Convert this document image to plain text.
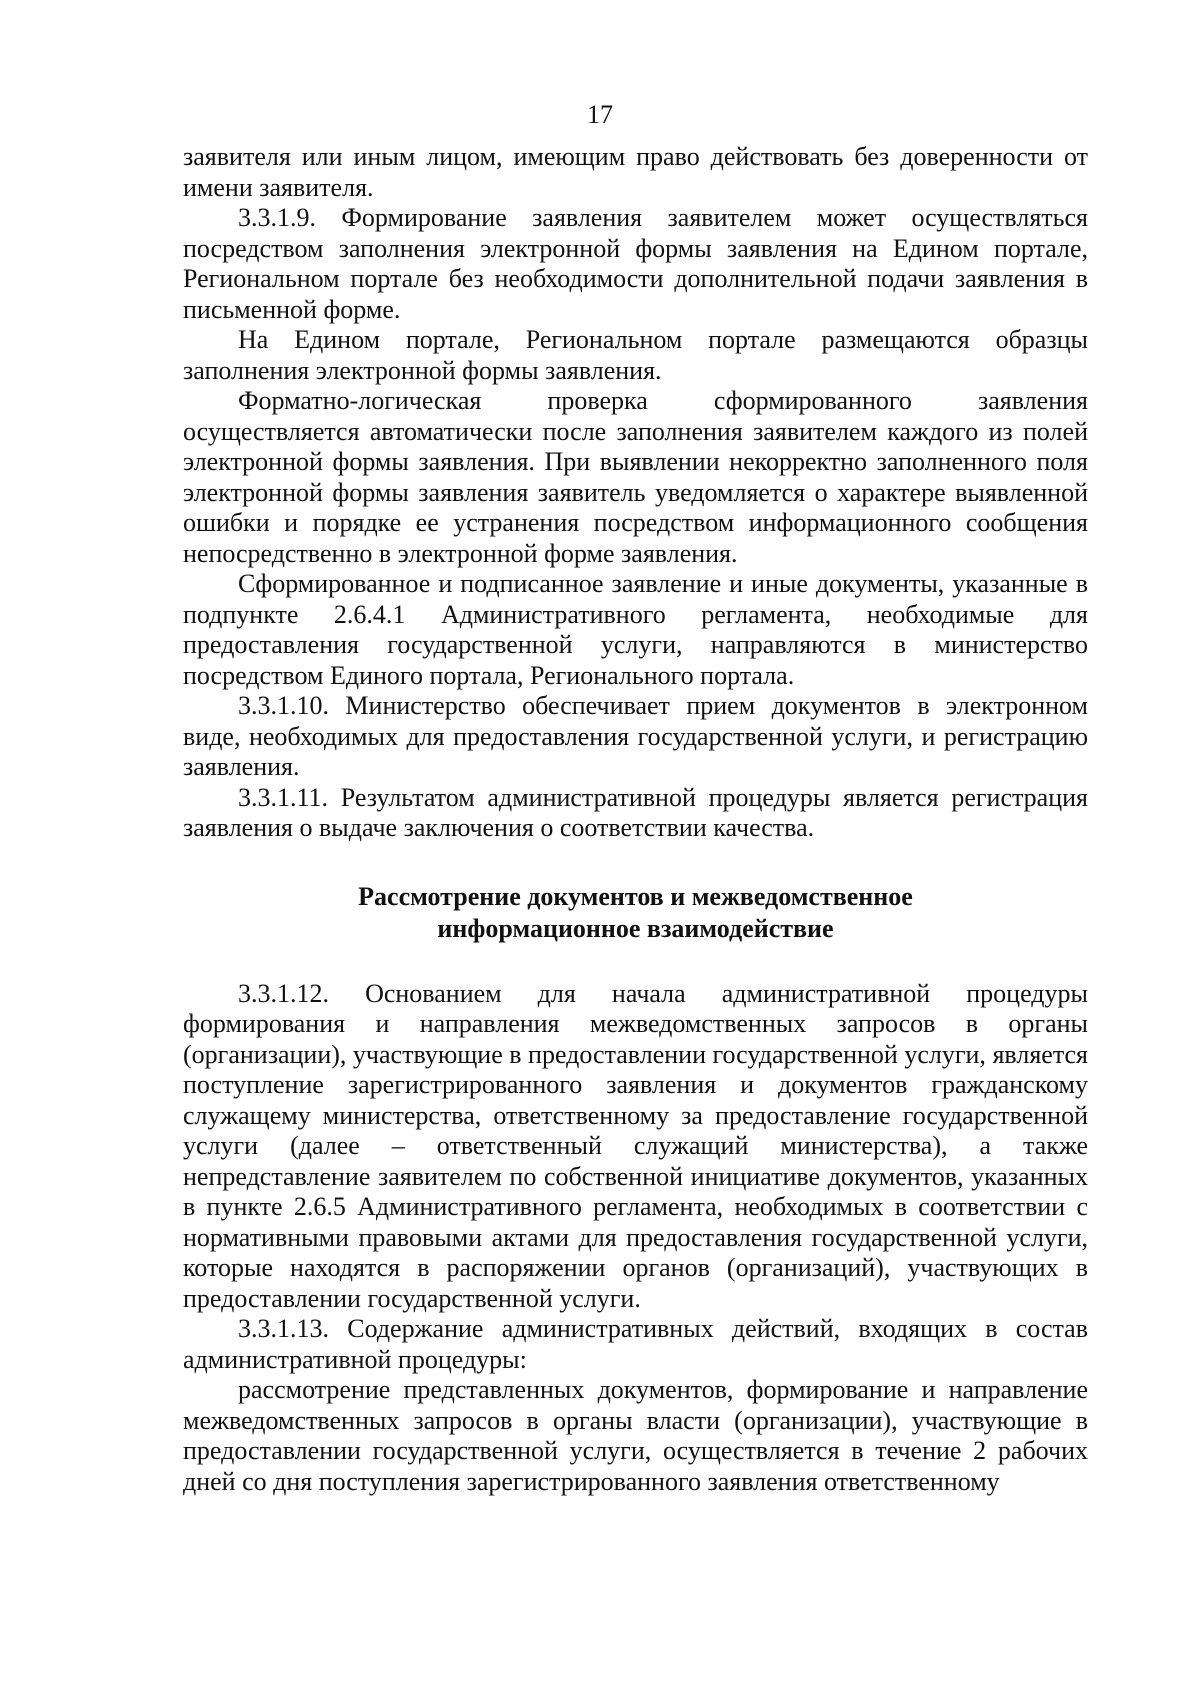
17

заявителя или иным лицом, имеющим право действовать без доверенности от имени заявителя.

3.3.1.9. Формирование заявления заявителем может осуществляться посредством заполнения электронной формы заявления на Едином портале, Региональном портале без необходимости дополнительной подачи заявления в письменной форме.

На Едином портале, Региональном портале размещаются образцы заполнения электронной формы заявления.

Форматно-логическая проверка сформированного заявления осуществляется автоматически после заполнения заявителем каждого из полей электронной формы заявления. При выявлении некорректно заполненного поля электронной формы заявления заявитель уведомляется о характере выявленной ошибки и порядке ее устранения посредством информационного сообщения непосредственно в электронной форме заявления.

Сформированное и подписанное заявление и иные документы, указанные в подпункте 2.6.4.1 Административного регламента, необходимые для предоставления государственной услуги, направляются в министерство посредством Единого портала, Регионального портала.

3.3.1.10. Министерство обеспечивает прием документов в электронном виде, необходимых для предоставления государственной услуги, и регистрацию заявления.

3.3.1.11. Результатом административной процедуры является регистрация заявления о выдаче заключения о соответствии качества.

Рассмотрение документов и межведомственное
информационное взаимодействие

3.3.1.12. Основанием для начала административной процедуры формирования и направления межведомственных запросов в органы (организации), участвующие в предоставлении государственной услуги, является поступление зарегистрированного заявления и документов гражданскому служащему министерства, ответственному за предоставление государственной услуги (далее – ответственный служащий министерства), а также непредставление заявителем по собственной инициативе документов, указанных в пункте 2.6.5 Административного регламента, необходимых в соответствии с нормативными правовыми актами для предоставления государственной услуги, которые находятся в распоряжении органов (организаций), участвующих в предоставлении государственной услуги.

3.3.1.13. Содержание административных действий, входящих в состав административной процедуры:

рассмотрение представленных документов, формирование и направление межведомственных запросов в органы власти (организации), участвующие в предоставлении государственной услуги, осуществляется в течение 2 рабочих дней со дня поступления зарегистрированного заявления ответственному
